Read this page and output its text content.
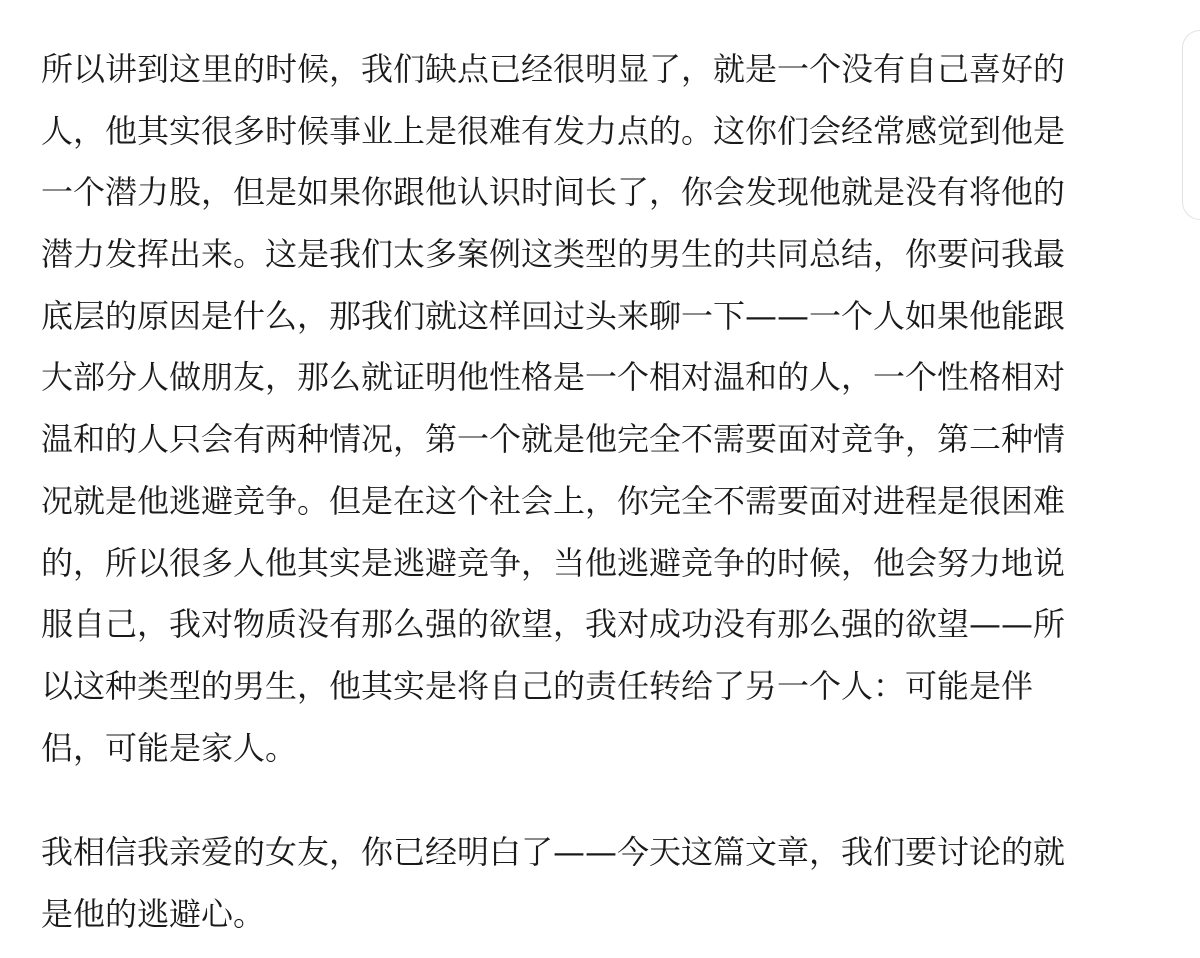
所以讲到这里的时候，我们缺点已经很明显了，就是一个没有自己喜好的
人，他其实很多时候事业上是很难有发力点的。这你们会经常感觉到他是
一个潜力股，但是如果你跟他认识时间长了，你会发现他就是没有将他的
潜力发挥出来。这是我们太多案例这类型的男生的共同总结，你要问我最
底层的原因是什么，那我们就这样回过头来聊一下——一个人如果他能跟
大部分人做朋友，那么就证明他性格是一个相对温和的人，一个性格相对
温和的人只会有两种情况，第一个就是他完全不需要面对竞争，第二种情
况就是他逃避竞争。但是在这个社会上，你完全不需要面对进程是很困难
的，所以很多人他其实是逃避竞争，当他逃避竞争的时候，他会努力地说
服自己，我对物质没有那么强的欲望，我对成功没有那么强的欲望——所
以这种类型的男生，他其实是将自己的责任转给了另一个人：可能是伴
侣，可能是家人。

我相信我亲爱的女友，你已经明白了——今天这篇文章，我们要讨论的就
是他的逃避心。
